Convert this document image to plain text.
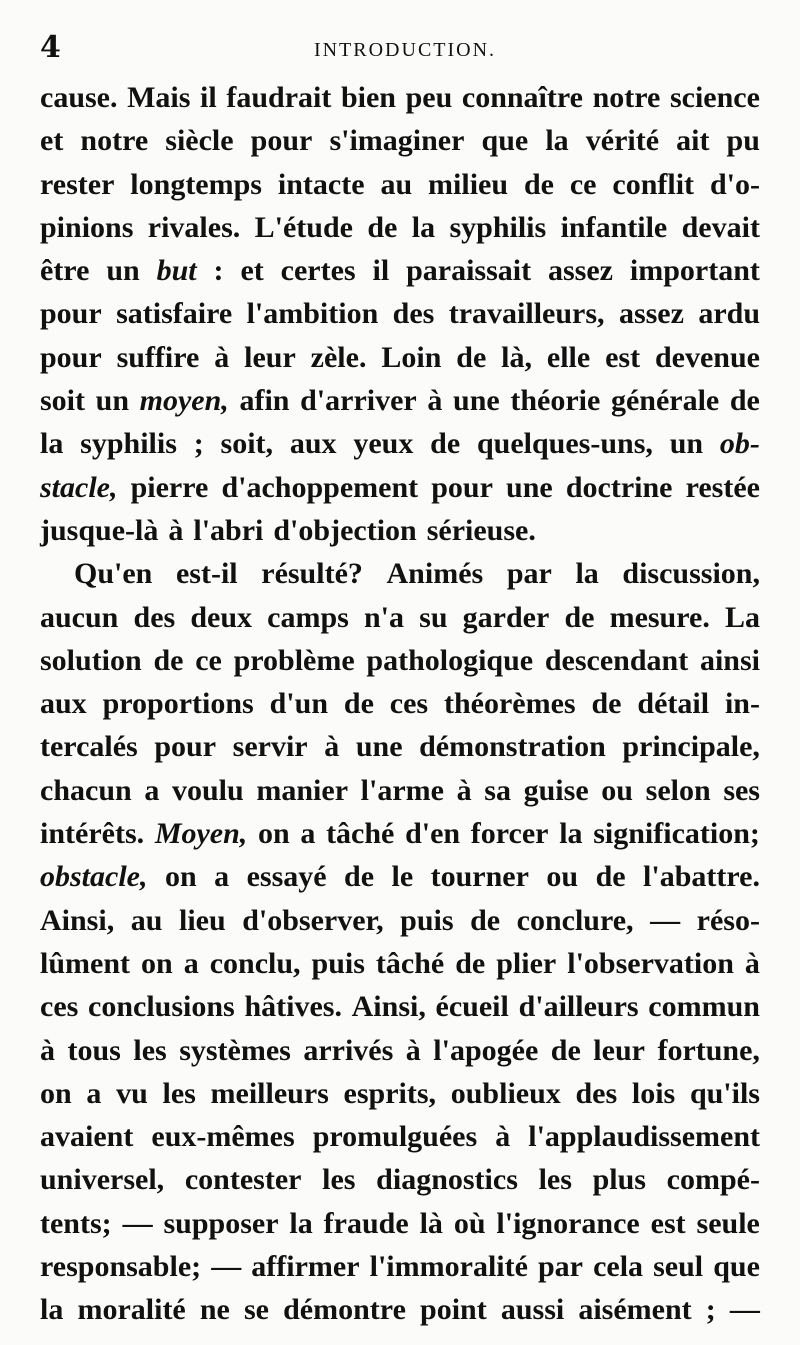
4	INTRODUCTION.
cause. Mais il faudrait bien peu connaître notre science
et notre siècle pour s'imaginer que la vérité ait pu
rester longtemps intacte au milieu de ce conflit d'o-
pinions rivales. L'étude de la syphilis infantile devait
être un but : et certes il paraissait assez important
pour satisfaire l'ambition des travailleurs, assez ardu
pour suffire à leur zèle. Loin de là, elle est devenue
soit un moyen, afin d'arriver à une théorie générale de
la syphilis ; soit, aux yeux de quelques-uns, un ob-
stacle, pierre d'achoppement pour une doctrine restée
jusque-là à l'abri d'objection sérieuse.
Qu'en est-il résulté? Animés par la discussion,
aucun des deux camps n'a su garder de mesure. La
solution de ce problème pathologique descendant ainsi
aux proportions d'un de ces théorèmes de détail in-
tercalés pour servir à une démonstration principale,
chacun a voulu manier l'arme à sa guise ou selon ses
intérêts. Moyen, on a tâché d'en forcer la signification;
obstacle, on a essayé de le tourner ou de l'abattre.
Ainsi, au lieu d'observer, puis de conclure, — réso-
lûment on a conclu, puis tâché de plier l'observation à
ces conclusions hâtives. Ainsi, écueil d'ailleurs commun
à tous les systèmes arrivés à l'apogée de leur fortune,
on a vu les meilleurs esprits, oublieux des lois qu'ils
avaient eux-mêmes promulguées à l'applaudissement
universel, contester les diagnostics les plus compé-
tents; — supposer la fraude là où l'ignorance est seule
responsable; — affirmer l'immoralité par cela seul que
la moralité ne se démontre point aussi aisément ; —
